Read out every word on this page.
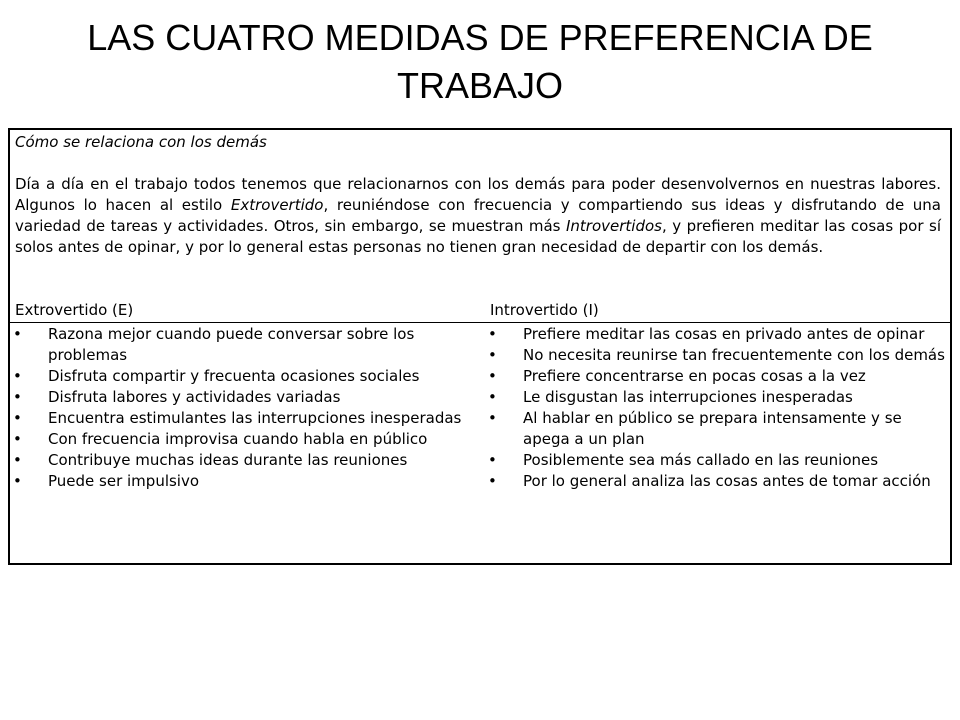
LAS CUATRO MEDIDAS DE PREFERENCIA DE TRABAJO

Cómo se relaciona con los demás

Día a día en el trabajo todos tenemos que relacionarnos con los demás para poder desenvolvernos en nuestras labores. Algunos lo hacen al estilo Extrovertido, reuniéndose con frecuencia y compartiendo sus ideas y disfrutando de una variedad de tareas y actividades. Otros, sin embargo, se muestran más Introvertidos, y prefieren meditar las cosas por sí solos antes de opinar, y por lo general estas personas no tienen gran necesidad de departir con los demás.

Extrovertido (E)	Introvertido (I)
• Razona mejor cuando puede conversar sobre los problemas
• Disfruta compartir y frecuenta ocasiones sociales
• Disfruta labores y actividades variadas
• Encuentra estimulantes las interrupciones inesperadas
• Con frecuencia improvisa cuando habla en público
• Contribuye muchas ideas durante las reuniones
• Puede ser impulsivo
• Prefiere meditar las cosas en privado antes de opinar
• No necesita reunirse tan frecuentemente con los demás
• Prefiere concentrarse en pocas cosas a la vez
• Le disgustan las interrupciones inesperadas
• Al hablar en público se prepara intensamente y se apega a un plan
• Posiblemente sea más callado en las reuniones
• Por lo general analiza las cosas antes de tomar acción
